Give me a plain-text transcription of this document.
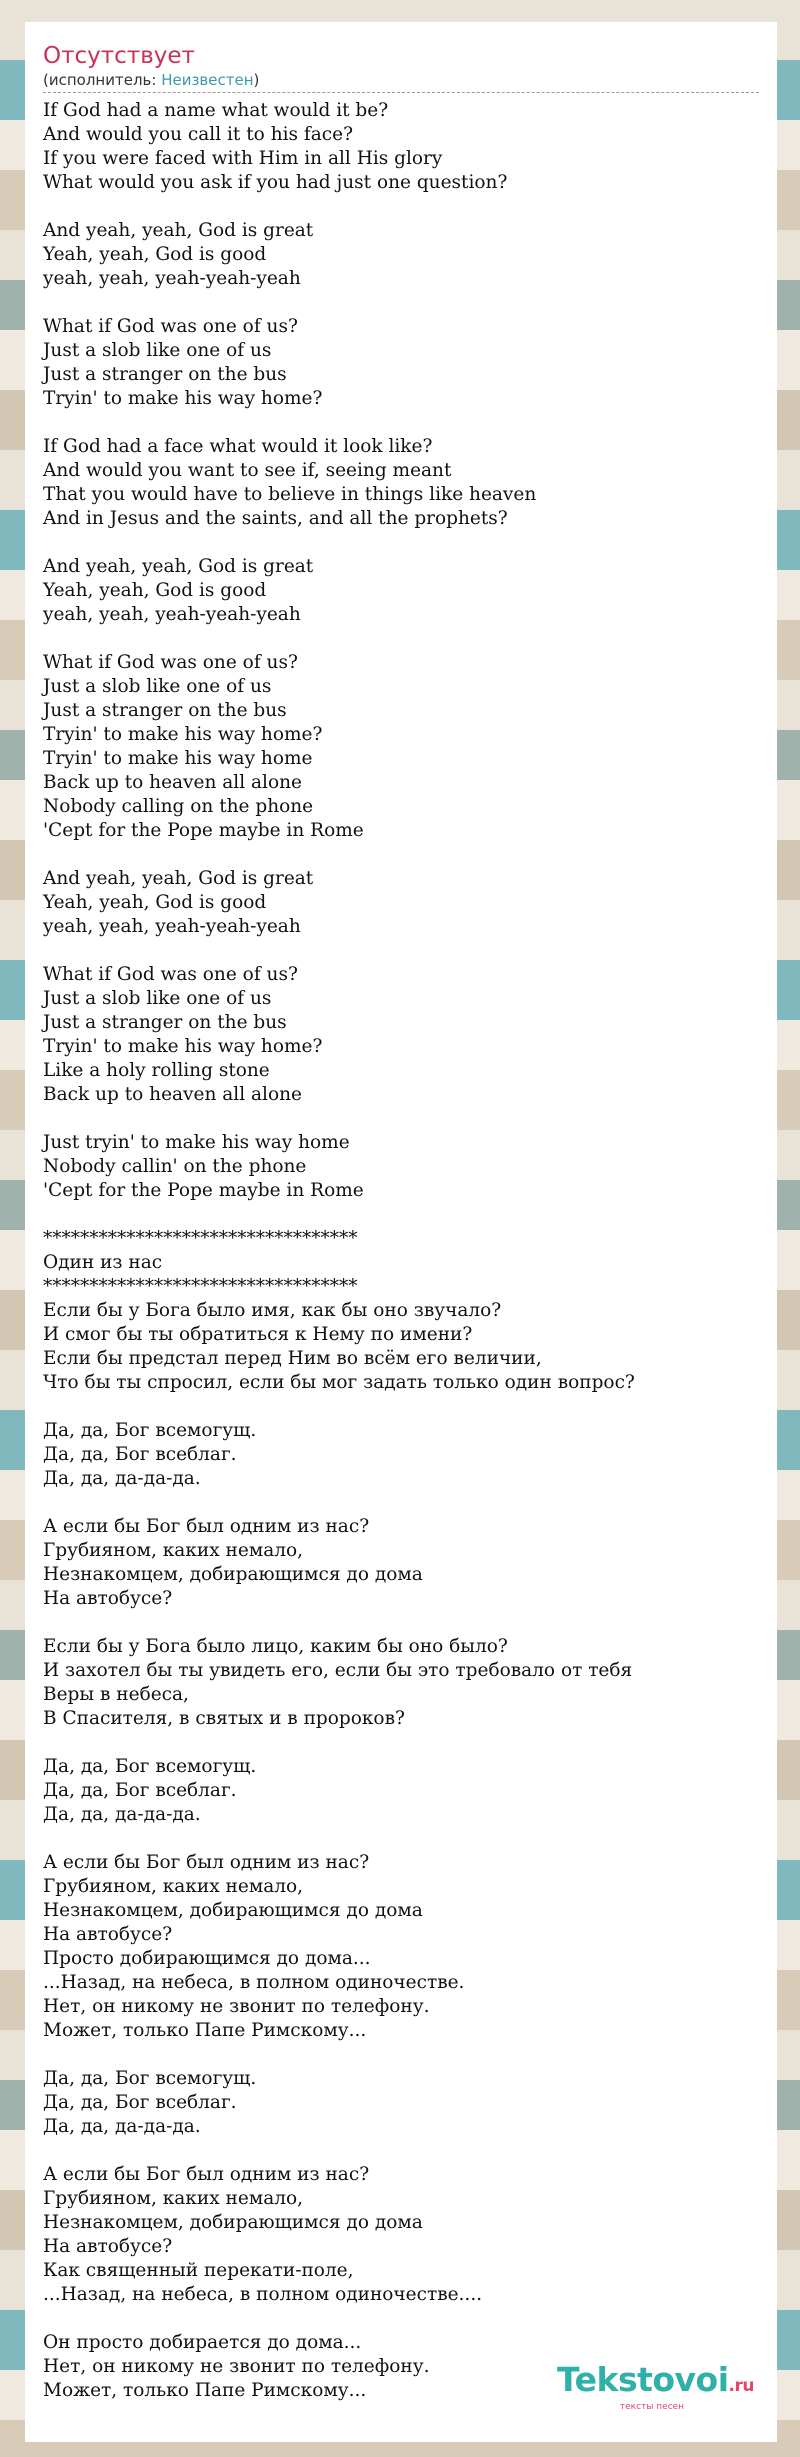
Отсутствует
(исполнитель: Неизвестен)
If God had a name what would it be?
And would you call it to his face?
If you were faced with Him in all His glory
What would you ask if you had just one question?
And yeah, yeah, God is great
Yeah, yeah, God is good
yeah, yeah, yeah-yeah-yeah
What if God was one of us?
Just a slob like one of us
Just a stranger on the bus
Tryin' to make his way home?
If God had a face what would it look like?
And would you want to see if, seeing meant
That you would have to believe in things like heaven
And in Jesus and the saints, and all the prophets?
And yeah, yeah, God is great
Yeah, yeah, God is good
yeah, yeah, yeah-yeah-yeah
What if God was one of us?
Just a slob like one of us
Just a stranger on the bus
Tryin' to make his way home?
Tryin' to make his way home
Back up to heaven all alone
Nobody calling on the phone
'Cept for the Pope maybe in Rome
And yeah, yeah, God is great
Yeah, yeah, God is good
yeah, yeah, yeah-yeah-yeah
What if God was one of us?
Just a slob like one of us
Just a stranger on the bus
Tryin' to make his way home?
Like a holy rolling stone
Back up to heaven all alone
Just tryin' to make his way home
Nobody callin' on the phone
'Cept for the Pope maybe in Rome
**********************************
Один из нас
**********************************
Если бы у Бога было имя, как бы оно звучало?
И смог бы ты обратиться к Нему по имени?
Если бы предстал перед Ним во всём его величии,
Что бы ты спросил, если бы мог задать только один вопрос?
Да, да, Бог всемогущ.
Да, да, Бог всеблаг.
Да, да, да-да-да.
А если бы Бог был одним из нас?
Грубияном, каких немало,
Незнакомцем, добирающимся до дома
На автобусе?
Если бы у Бога было лицо, каким бы оно было?
И захотел бы ты увидеть его, если бы это требовало от тебя
Веры в небеса,
В Спасителя, в святых и в пророков?
Да, да, Бог всемогущ.
Да, да, Бог всеблаг.
Да, да, да-да-да.
А если бы Бог был одним из нас?
Грубияном, каких немало,
Незнакомцем, добирающимся до дома
На автобусе?
Просто добирающимся до дома...
...Назад, на небеса, в полном одиночестве.
Нет, он никому не звонит по телефону.
Может, только Папе Римскому...
Да, да, Бог всемогущ.
Да, да, Бог всеблаг.
Да, да, да-да-да.
А если бы Бог был одним из нас?
Грубияном, каких немало,
Незнакомцем, добирающимся до дома
На автобусе?
Как священный перекати-поле,
...Назад, на небеса, в полном одиночестве....
Он просто добирается до дома...
Нет, он никому не звонит по телефону.
Может, только Папе Римскому...	Tekstovoi.ru
тексты песен
